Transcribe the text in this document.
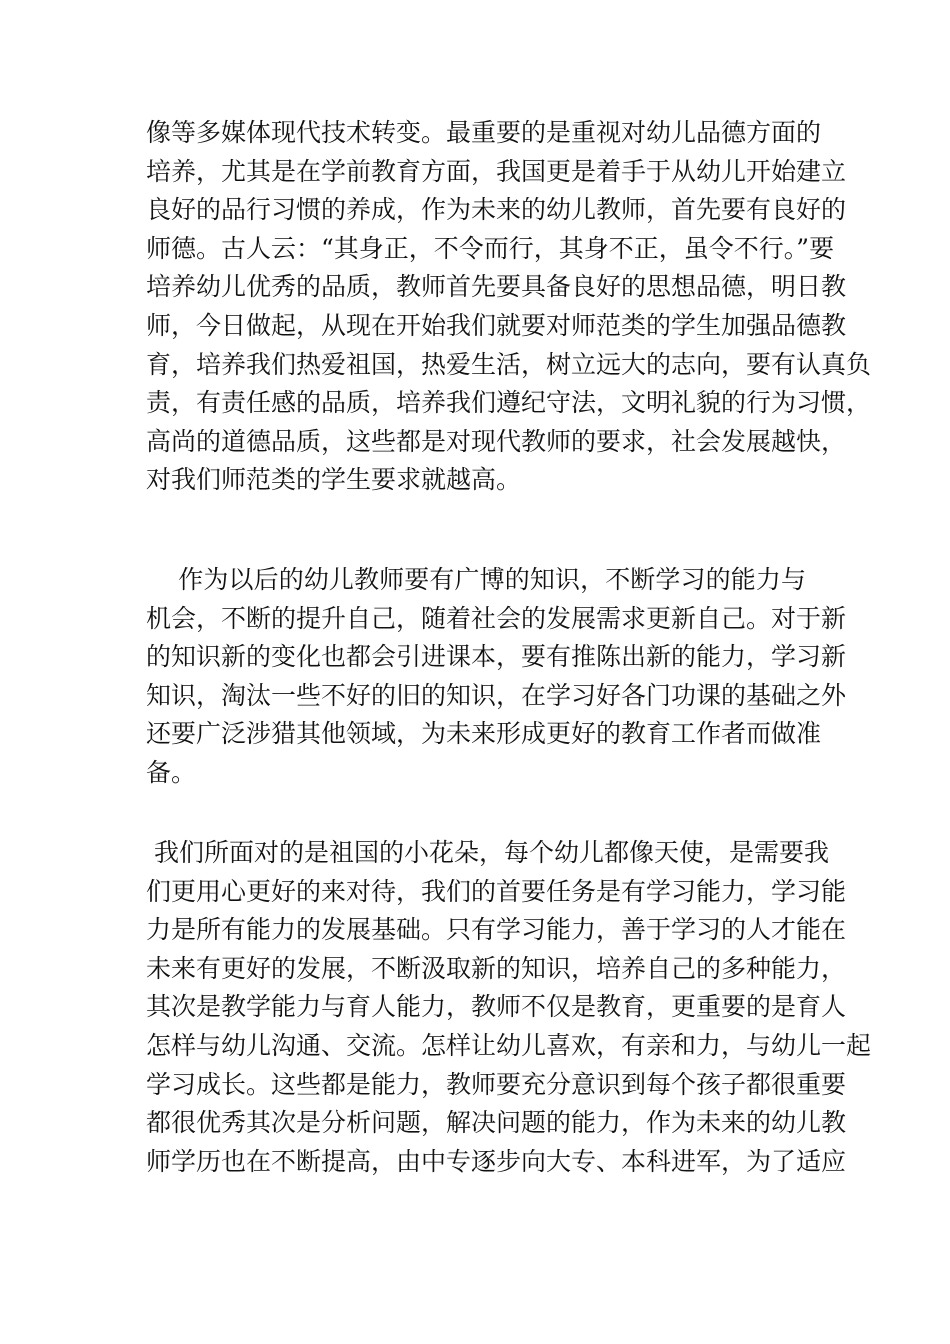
像等多媒体现代技术转变。最重要的是重视对幼儿品德方面的
培养，尤其是在学前教育方面，我国更是着手于从幼儿开始建立
良好的品行习惯的养成，作为未来的幼儿教师，首先要有良好的
师德。古人云：“其身正，不令而行，其身不正，虽令不行。”要
培养幼儿优秀的品质，教师首先要具备良好的思想品德，明日教
师，今日做起，从现在开始我们就要对师范类的学生加强品德教
育，培养我们热爱祖国，热爱生活，树立远大的志向，要有认真负
责，有责任感的品质，培养我们遵纪守法，文明礼貌的行为习惯，
高尚的道德品质，这些都是对现代教师的要求，社会发展越快，
对我们师范类的学生要求就越高。
作为以后的幼儿教师要有广博的知识，不断学习的能力与
机会，不断的提升自己，随着社会的发展需求更新自己。对于新
的知识新的变化也都会引进课本，要有推陈出新的能力，学习新
知识，淘汰一些不好的旧的知识，在学习好各门功课的基础之外
还要广泛涉猎其他领域，为未来形成更好的教育工作者而做准
备。
我们所面对的是祖国的小花朵，每个幼儿都像天使，是需要我
们更用心更好的来对待，我们的首要任务是有学习能力，学习能
力是所有能力的发展基础。只有学习能力，善于学习的人才能在
未来有更好的发展，不断汲取新的知识，培养自己的多种能力，
其次是教学能力与育人能力，教师不仅是教育，更重要的是育人
怎样与幼儿沟通、交流。怎样让幼儿喜欢，有亲和力，与幼儿一起
学习成长。这些都是能力，教师要充分意识到每个孩子都很重要
都很优秀其次是分析问题，解决问题的能力，作为未来的幼儿教
师学历也在不断提高，由中专逐步向大专、本科进军，为了适应
